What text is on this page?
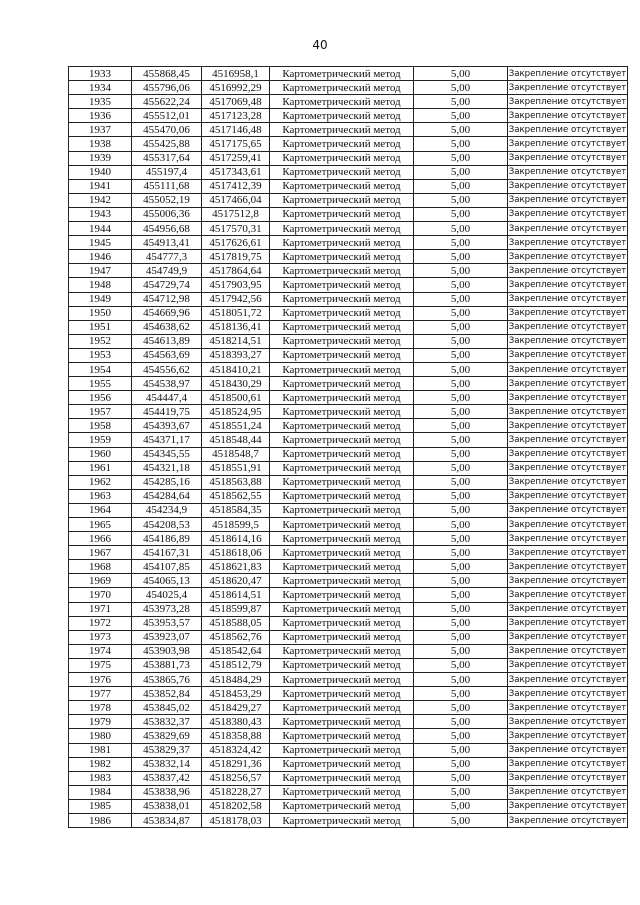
40
1933	455868,45	4516958,1	Картометрический метод	5,00	Закрепление отсутствует
1934	455796,06	4516992,29	Картометрический метод	5,00	Закрепление отсутствует
1935	455622,24	4517069,48	Картометрический метод	5,00	Закрепление отсутствует
1936	455512,01	4517123,28	Картометрический метод	5,00	Закрепление отсутствует
1937	455470,06	4517146,48	Картометрический метод	5,00	Закрепление отсутствует
1938	455425,88	4517175,65	Картометрический метод	5,00	Закрепление отсутствует
1939	455317,64	4517259,41	Картометрический метод	5,00	Закрепление отсутствует
1940	455197,4	4517343,61	Картометрический метод	5,00	Закрепление отсутствует
1941	455111,68	4517412,39	Картометрический метод	5,00	Закрепление отсутствует
1942	455052,19	4517466,04	Картометрический метод	5,00	Закрепление отсутствует
1943	455006,36	4517512,8	Картометрический метод	5,00	Закрепление отсутствует
1944	454956,68	4517570,31	Картометрический метод	5,00	Закрепление отсутствует
1945	454913,41	4517626,61	Картометрический метод	5,00	Закрепление отсутствует
1946	454777,3	4517819,75	Картометрический метод	5,00	Закрепление отсутствует
1947	454749,9	4517864,64	Картометрический метод	5,00	Закрепление отсутствует
1948	454729,74	4517903,95	Картометрический метод	5,00	Закрепление отсутствует
1949	454712,98	4517942,56	Картометрический метод	5,00	Закрепление отсутствует
1950	454669,96	4518051,72	Картометрический метод	5,00	Закрепление отсутствует
1951	454638,62	4518136,41	Картометрический метод	5,00	Закрепление отсутствует
1952	454613,89	4518214,51	Картометрический метод	5,00	Закрепление отсутствует
1953	454563,69	4518393,27	Картометрический метод	5,00	Закрепление отсутствует
1954	454556,62	4518410,21	Картометрический метод	5,00	Закрепление отсутствует
1955	454538,97	4518430,29	Картометрический метод	5,00	Закрепление отсутствует
1956	454447,4	4518500,61	Картометрический метод	5,00	Закрепление отсутствует
1957	454419,75	4518524,95	Картометрический метод	5,00	Закрепление отсутствует
1958	454393,67	4518551,24	Картометрический метод	5,00	Закрепление отсутствует
1959	454371,17	4518548,44	Картометрический метод	5,00	Закрепление отсутствует
1960	454345,55	4518548,7	Картометрический метод	5,00	Закрепление отсутствует
1961	454321,18	4518551,91	Картометрический метод	5,00	Закрепление отсутствует
1962	454285,16	4518563,88	Картометрический метод	5,00	Закрепление отсутствует
1963	454284,64	4518562,55	Картометрический метод	5,00	Закрепление отсутствует
1964	454234,9	4518584,35	Картометрический метод	5,00	Закрепление отсутствует
1965	454208,53	4518599,5	Картометрический метод	5,00	Закрепление отсутствует
1966	454186,89	4518614,16	Картометрический метод	5,00	Закрепление отсутствует
1967	454167,31	4518618,06	Картометрический метод	5,00	Закрепление отсутствует
1968	454107,85	4518621,83	Картометрический метод	5,00	Закрепление отсутствует
1969	454065,13	4518620,47	Картометрический метод	5,00	Закрепление отсутствует
1970	454025,4	4518614,51	Картометрический метод	5,00	Закрепление отсутствует
1971	453973,28	4518599,87	Картометрический метод	5,00	Закрепление отсутствует
1972	453953,57	4518588,05	Картометрический метод	5,00	Закрепление отсутствует
1973	453923,07	4518562,76	Картометрический метод	5,00	Закрепление отсутствует
1974	453903,98	4518542,64	Картометрический метод	5,00	Закрепление отсутствует
1975	453881,73	4518512,79	Картометрический метод	5,00	Закрепление отсутствует
1976	453865,76	4518484,29	Картометрический метод	5,00	Закрепление отсутствует
1977	453852,84	4518453,29	Картометрический метод	5,00	Закрепление отсутствует
1978	453845,02	4518429,27	Картометрический метод	5,00	Закрепление отсутствует
1979	453832,37	4518380,43	Картометрический метод	5,00	Закрепление отсутствует
1980	453829,69	4518358,88	Картометрический метод	5,00	Закрепление отсутствует
1981	453829,37	4518324,42	Картометрический метод	5,00	Закрепление отсутствует
1982	453832,14	4518291,36	Картометрический метод	5,00	Закрепление отсутствует
1983	453837,42	4518256,57	Картометрический метод	5,00	Закрепление отсутствует
1984	453838,96	4518228,27	Картометрический метод	5,00	Закрепление отсутствует
1985	453838,01	4518202,58	Картометрический метод	5,00	Закрепление отсутствует
1986	453834,87	4518178,03	Картометрический метод	5,00	Закрепление отсутствует
